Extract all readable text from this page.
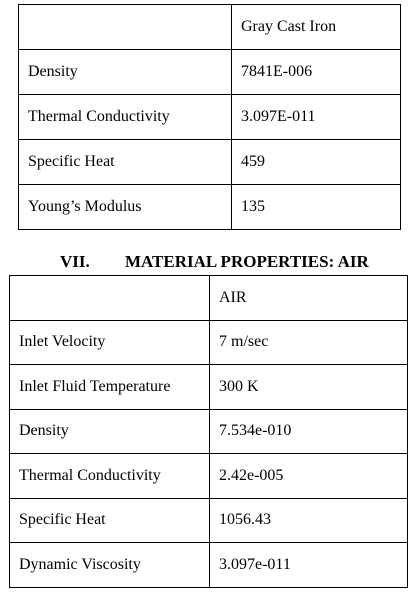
	Gray Cast Iron
Density	7841E-006
Thermal Conductivity	3.097E-011
Specific Heat	459
Young’s Modulus	135
VII. MATERIAL PROPERTIES: AIR
	AIR
Inlet Velocity	7 m/sec
Inlet Fluid Temperature	300 K
Density	7.534e-010
Thermal Conductivity	2.42e-005
Specific Heat	1056.43
Dynamic Viscosity	3.097e-011
